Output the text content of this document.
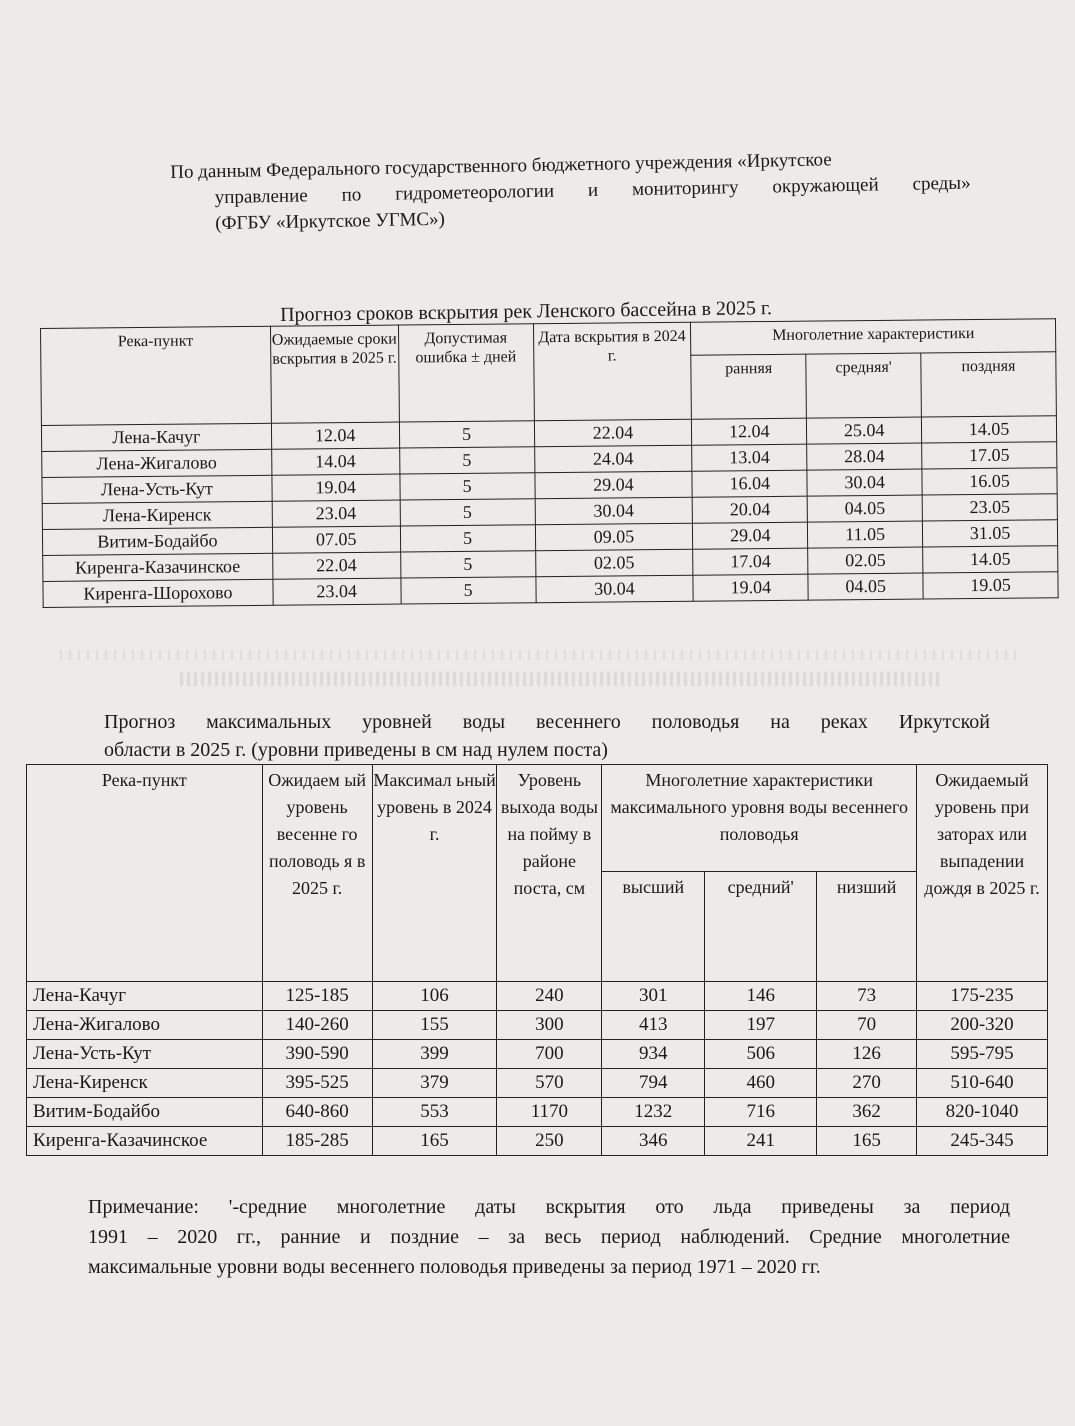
По данным Федерального государственного бюджетного учреждения «Иркутское
управление по гидрометеорологии и мониторингу окружающей среды»
(ФГБУ «Иркутское УГМС»)
Прогноз сроков вскрытия рек Ленского бассейна в 2025 г.
Река-пункт	Ожидаемые сроки вскрытия в 2025 г.	Допустимая ошибка ± дней	Дата вскрытия в 2024 г.	Многолетние характеристики		
				ранняя	средняя'	поздняя
Лена-Качуг	12.04	5	22.04	12.04	25.04	14.05
Лена-Жигалово	14.04	5	24.04	13.04	28.04	17.05
Лена-Усть-Кут	19.04	5	29.04	16.04	30.04	16.05
Лена-Киренск	23.04	5	30.04	20.04	04.05	23.05
Витим-Бодайбо	07.05	5	09.05	29.04	11.05	31.05
Киренга-Казачинское	22.04	5	02.05	17.04	02.05	14.05
Киренга-Шорохово	23.04	5	30.04	19.04	04.05	19.05
Прогноз максимальных уровней воды весеннего половодья на реках Иркутской
области в 2025 г. (уровни приведены в см над нулем поста)
Река-пункт	Ожидаем ый уровень весенне го половодь я в 2025 г.	Максимал ьный уровень в 2024 г.	Уровень выхода воды на пойму в районе поста, см	Многолетние характеристики максимального уровня воды весеннего половодья			Ожидаемый уровень при заторах или выпадении дождя в 2025 г.
				высший	средний'	низший	
Лена-Качуг	125-185	106	240	301	146	73	175-235
Лена-Жигалово	140-260	155	300	413	197	70	200-320
Лена-Усть-Кут	390-590	399	700	934	506	126	595-795
Лена-Киренск	395-525	379	570	794	460	270	510-640
Витим-Бодайбо	640-860	553	1170	1232	716	362	820-1040
Киренга-Казачинское	185-285	165	250	346	241	165	245-345
Примечание: '-средние многолетние даты вскрытия ото льда приведены за период
1991 – 2020 гг., ранние и поздние – за весь период наблюдений. Средние многолетние
максимальные уровни воды весеннего половодья приведены за период 1971 – 2020 гг.
